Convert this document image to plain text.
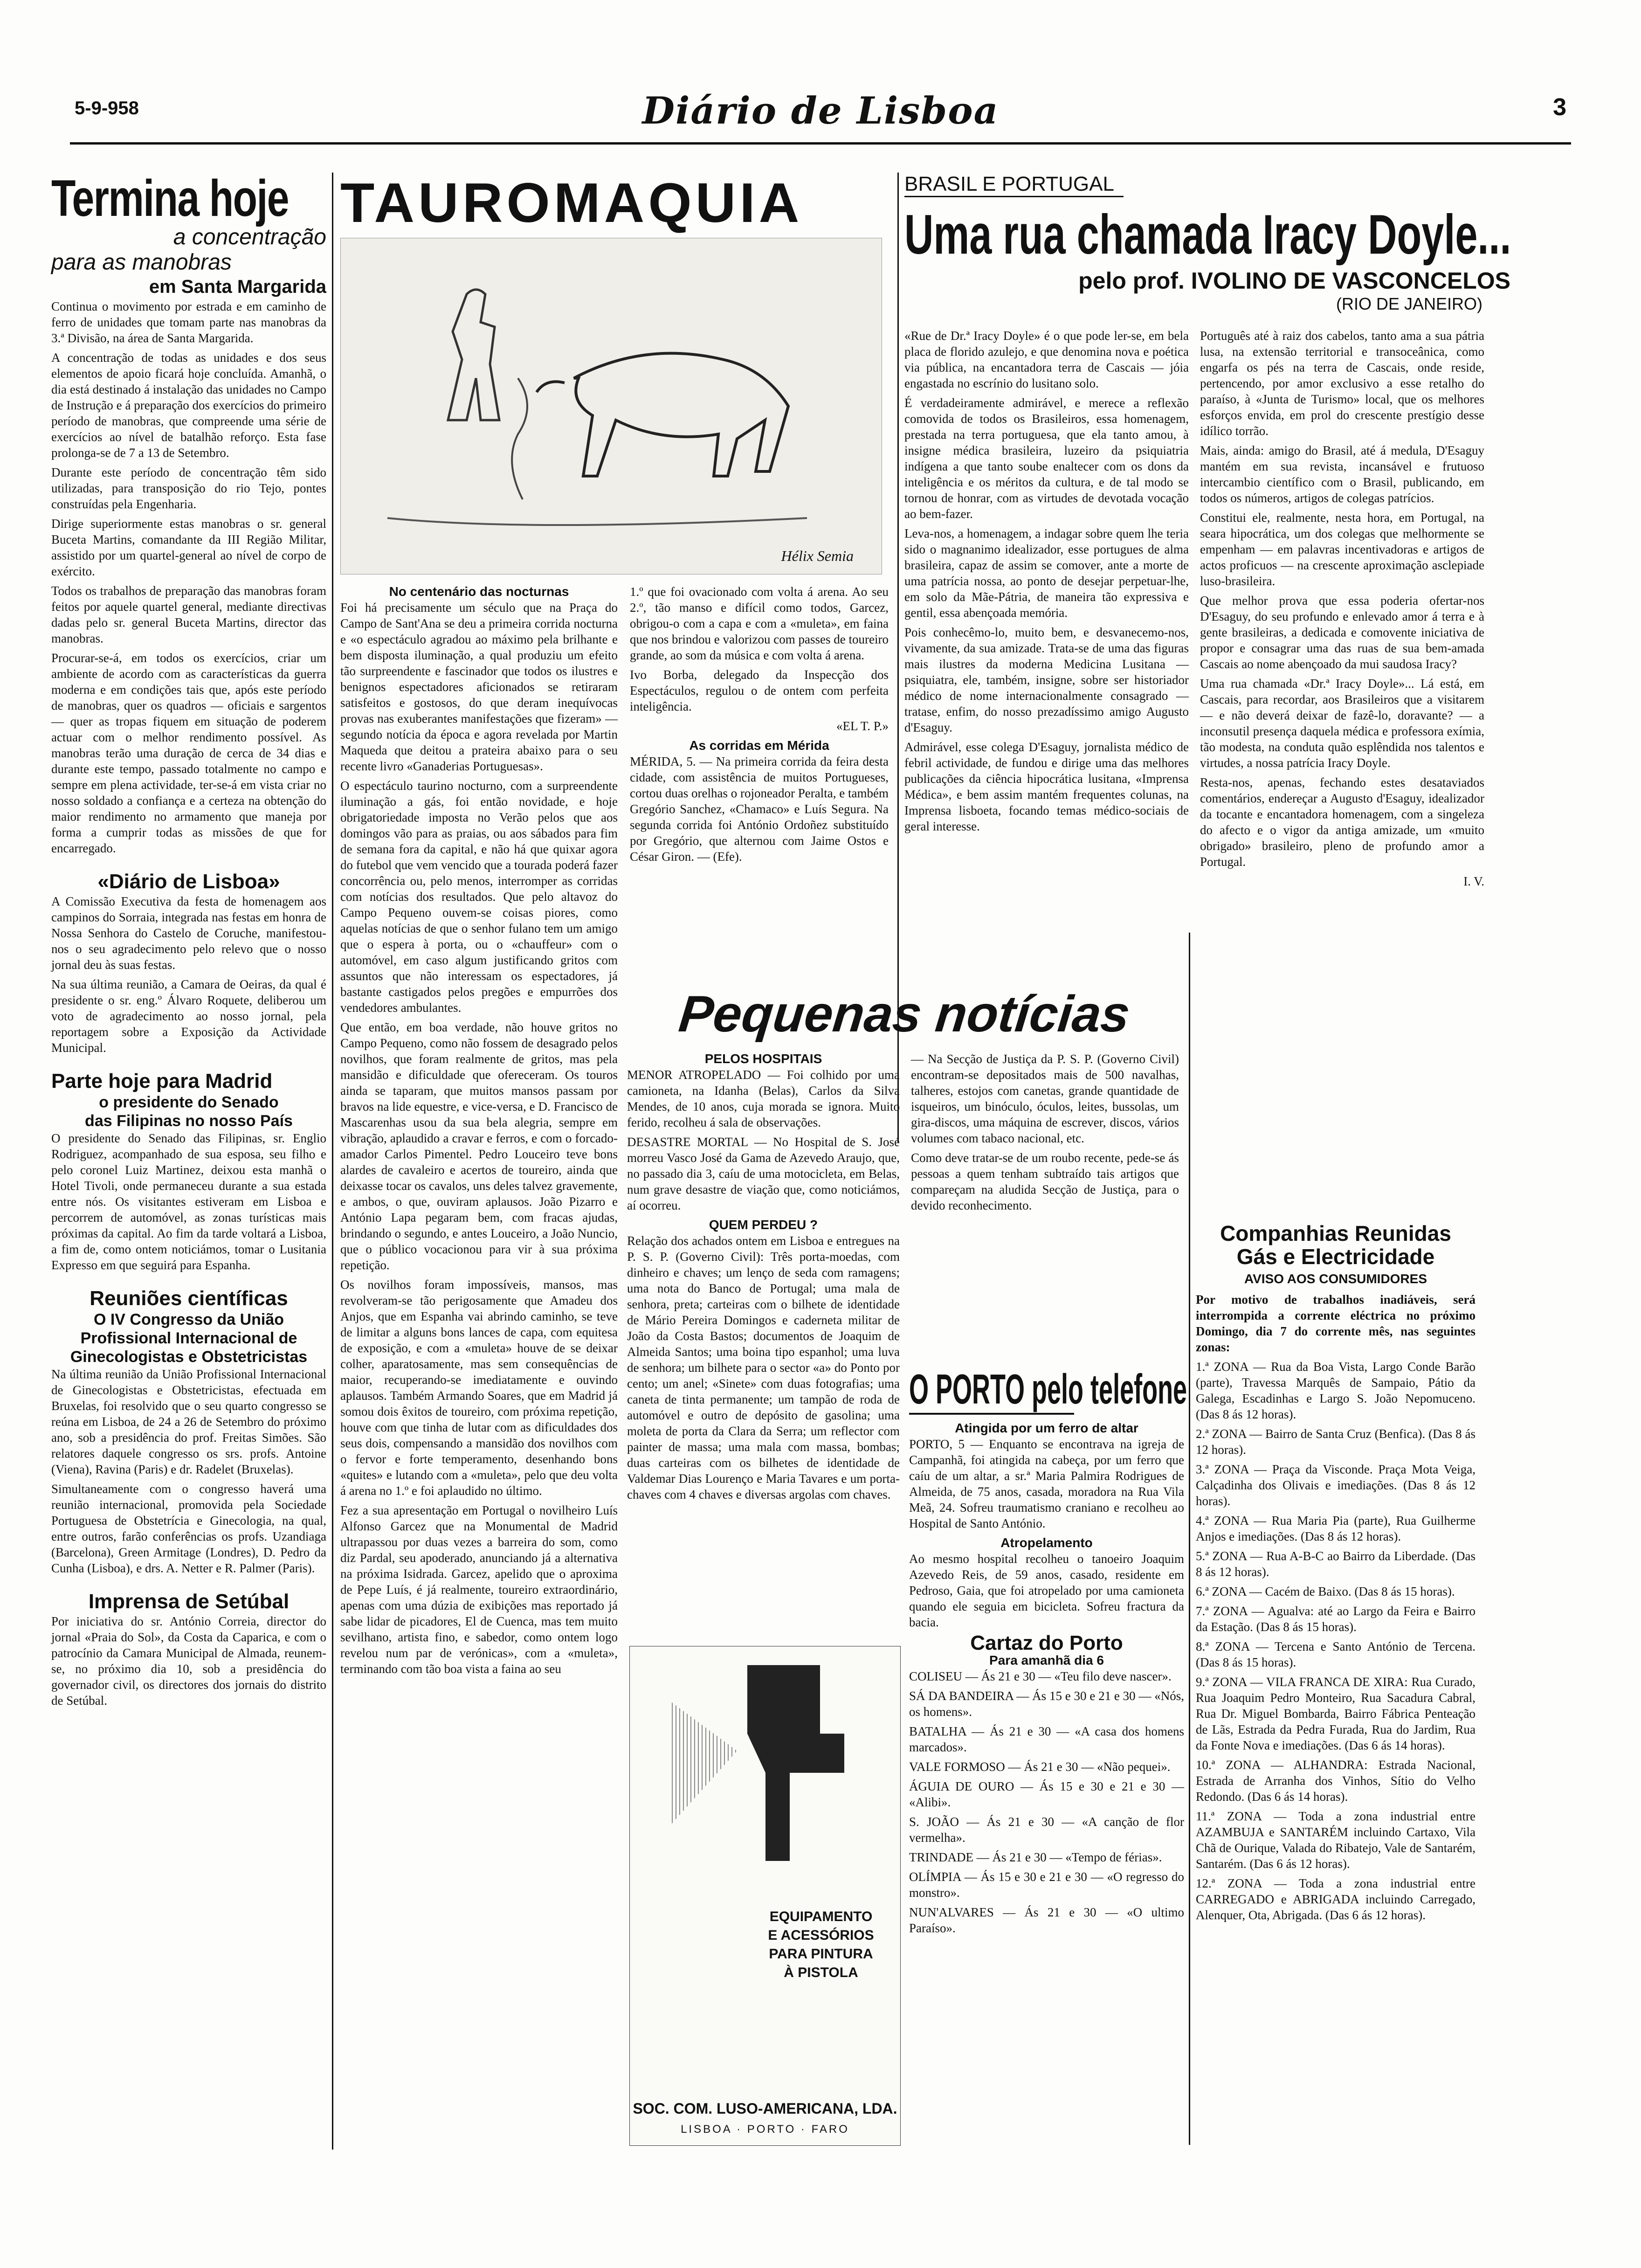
5-9-958	Diário de Lisboa	3
Termina hoje
a concentração
para as manobras
em Santa Margarida

Continua o movimento por estrada e em caminho de ferro de unidades que tomam parte nas manobras da 3.ª Divisão, na área de Santa Margarida.

A concentração de todas as unidades e dos seus elementos de apoio ficará hoje concluída. Amanhã, o dia está destinado á instalação das unidades no Campo de Instrução e á preparação dos exercícios do primeiro período de manobras, que compreende uma série de exercícios ao nível de batalhão reforço. Esta fase prolonga-se de 7 a 13 de Setembro.

Durante este período de concentração têm sido utilizadas, para transposição do rio Tejo, pontes construídas pela Engenharia.

Dirige superiormente estas manobras o sr. general Buceta Martins, comandante da III Região Militar, assistido por um quartel-general ao nível de corpo de exército.

Todos os trabalhos de preparação das manobras foram feitos por aquele quartel general, mediante directivas dadas pelo sr. general Buceta Martins, director das manobras.

Procurar-se-á, em todos os exercícios, criar um ambiente de acordo com as características da guerra moderna e em condições tais que, após este período de manobras, quer os quadros — oficiais e sargentos — quer as tropas fiquem em situação de poderem actuar com o melhor rendimento possível. As manobras terão uma duração de cerca de 34 dias e durante este tempo, passado totalmente no campo e sempre em plena actividade, ter-se-á em vista criar no nosso soldado a confiança e a certeza na obtenção do maior rendimento no armamento que maneja por forma a cumprir todas as missões de que for encarregado.

«Diário de Lisboa»

A Comissão Executiva da festa de homenagem aos campinos do Sorraia, integrada nas festas em honra de Nossa Senhora do Castelo de Coruche, manifestou-nos o seu agradecimento pelo relevo que o nosso jornal deu às suas festas.

Na sua última reunião, a Camara de Oeiras, da qual é presidente o sr. eng.º Álvaro Roquete, deliberou um voto de agradecimento ao nosso jornal, pela reportagem sobre a Exposição da Actividade Municipal.

Parte hoje para Madrid
o presidente do Senado
das Filipinas no nosso País

O presidente do Senado das Filipinas, sr. Englio Rodriguez, acompanhado de sua esposa, seu filho e pelo coronel Luiz Martinez, deixou esta manhã o Hotel Tivoli, onde permaneceu durante a sua estada entre nós. Os visitantes estiveram em Lisboa e percorrem de automóvel, as zonas turísticas mais próximas da capital. Ao fim da tarde voltará a Lisboa, a fim de, como ontem noticiámos, tomar o Lusitania Expresso em que seguirá para Espanha.

Reuniões científicas
O IV Congresso da União Profissional Internacional de Ginecologistas e Obstetricistas

Na última reunião da União Profissional Internacional de Ginecologistas e Obstetricistas, efectuada em Bruxelas, foi resolvido que o seu quarto congresso se reúna em Lisboa, de 24 a 26 de Setembro do próximo ano, sob a presidência do prof. Freitas Simões. São relatores daquele congresso os srs. profs. Antoine (Viena), Ravina (Paris) e dr. Radelet (Bruxelas).

Simultaneamente com o congresso haverá uma reunião internacional, promovida pela Sociedade Portuguesa de Obstetrícia e Ginecologia, na qual, entre outros, farão conferências os profs. Uzandiaga (Barcelona), Green Armitage (Londres), D. Pedro da Cunha (Lisboa), e drs. A. Netter e R. Palmer (Paris).

Imprensa de Setúbal

Por iniciativa do sr. António Correia, director do jornal «Praia do Sol», da Costa da Caparica, e com o patrocínio da Camara Municipal de Almada, reunem-se, no próximo dia 10, sob a presidência do governador civil, os directores dos jornais do distrito de Setúbal.

TAUROMAQUIA
Hélix Semia
No centenário das nocturnas

Foi há precisamente um século que na Praça do Campo de Sant'Ana se deu a primeira corrida nocturna e «o espectáculo agradou ao máximo pela brilhante e bem disposta iluminação, a qual produziu um efeito tão surpreendente e fascinador que todos os ilustres e benignos espectadores aficionados se retiraram satisfeitos e gostosos, do que deram inequívocas provas nas exuberantes manifestações que fizeram» — segundo notícia da época e agora revelada por Martin Maqueda que deitou a prateira abaixo para o seu recente livro «Ganaderias Portuguesas».

O espectáculo taurino nocturno, com a surpreendente iluminação a gás, foi então novidade, e hoje obrigatoriedade imposta no Verão pelos que aos domingos vão para as praias, ou aos sábados para fim de semana fora da capital, e não há que quixar agora do futebol que vem vencido que a tourada poderá fazer concorrência ou, pelo menos, interromper as corridas com notícias dos resultados. Que pelo altavoz do Campo Pequeno ouvem-se coisas piores, como aquelas notícias de que o senhor fulano tem um amigo que o espera à porta, ou o «chauffeur» com o automóvel, em caso algum justificando gritos com assuntos que não interessam os espectadores, já bastante castigados pelos pregões e empurrões dos vendedores ambulantes.

Que então, em boa verdade, não houve gritos no Campo Pequeno, como não fossem de desagrado pelos novilhos, que foram realmente de gritos, mas pela mansidão e dificuldade que ofereceram. Os touros ainda se taparam, que muitos mansos passam por bravos na lide equestre, e vice-versa, e D. Francisco de Mascarenhas usou da sua bela alegria, sempre em vibração, aplaudido a cravar e ferros, e com o forcado-amador Carlos Pimentel. Pedro Louceiro teve bons alardes de cavaleiro e acertos de toureiro, ainda que deixasse tocar os cavalos, uns deles talvez gravemente, e ambos, o que, ouviram aplausos. João Pizarro e António Lapa pegaram bem, com fracas ajudas, brindando o segundo, e antes Louceiro, a João Nuncio, que o público vocacionou para vir à sua próxima repetição.

Os novilhos foram impossíveis, mansos, mas revolveram-se tão perigosamente que Amadeu dos Anjos, que em Espanha vai abrindo caminho, se teve de limitar a alguns bons lances de capa, com equitesa de exposição, e com a «muleta» houve de se deixar colher, aparatosamente, mas sem consequências de maior, recuperando-se imediatamente e ouvindo aplausos. Também Armando Soares, que em Madrid já somou dois êxitos de toureiro, com próxima repetição, houve com que tinha de lutar com as dificuldades dos seus dois, compensando a mansidão dos novilhos com o fervor e forte temperamento, desenhando bons «quites» e lutando com a «muleta», pelo que deu volta á arena no 1.º e foi aplaudido no último.

Fez a sua apresentação em Portugal o novilheiro Luís Alfonso Garcez que na Monumental de Madrid ultrapassou por duas vezes a barreira do som, como diz Pardal, seu apoderado, anunciando já a alternativa na próxima Isidrada. Garcez, apelido que o aproxima de Pepe Luís, é já realmente, toureiro extraordinário, apenas com uma dúzia de exibições mas reportado já sabe lidar de picadores, El de Cuenca, mas tem muito sevilhano, artista fino, e sabedor, como ontem logo revelou num par de verónicas», com a «muleta», terminando com tão boa vista a faina ao seu

1.º que foi ovacionado com volta á arena. Ao seu 2.º, tão manso e difícil como todos, Garcez, obrigou-o com a capa e com a «muleta», em faina que nos brindou e valorizou com passes de toureiro grande, ao som da música e com volta á arena.

Ivo Borba, delegado da Inspecção dos Espectáculos, regulou o de ontem com perfeita inteligência.

«EL T. P.»
As corridas em Mérida

MÉRIDA, 5. — Na primeira corrida da feira desta cidade, com assistência de muitos Portugueses, cortou duas orelhas o rojoneador Peralta, e também Gregório Sanchez, «Chamaco» e Luís Segura. Na segunda corrida foi António Ordoñez substituído por Gregório, que alternou com Jaime Ostos e César Giron. — (Efe).

BRASIL E PORTUGAL
Uma rua chamada Iracy Doyle...
pelo prof. IVOLINO DE VASCONCELOS
(RIO DE JANEIRO)

«Rue de Dr.ª Iracy Doyle» é o que pode ler-se, em bela placa de florido azulejo, e que denomina nova e poética via pública, na encantadora terra de Cascais — jóia engastada no escrínio do lusitano solo.

É verdadeiramente admirável, e merece a reflexão comovida de todos os Brasileiros, essa homenagem, prestada na terra portuguesa, que ela tanto amou, à insigne médica brasileira, luzeiro da psiquiatria indígena a que tanto soube enaltecer com os dons da inteligência e os méritos da cultura, e de tal modo se tornou de honrar, com as virtudes de devotada vocação ao bem-fazer.

Leva-nos, a homenagem, a indagar sobre quem lhe teria sido o magnanimo idealizador, esse portugues de alma brasileira, capaz de assim se comover, ante a morte de uma patrícia nossa, ao ponto de desejar perpetuar-lhe, em solo da Mãe-Pátria, de maneira tão expressiva e gentil, essa abençoada memória.

Pois conhecêmo-lo, muito bem, e desvanecemo-nos, vivamente, da sua amizade. Trata-se de uma das figuras mais ilustres da moderna Medicina Lusitana — psiquiatra, ele, também, insigne, sobre ser historiador médico de nome internacionalmente consagrado — tratase, enfim, do nosso prezadíssimo amigo Augusto d'Esaguy.

Admirável, esse colega D'Esaguy, jornalista médico de febril actividade, de fundou e dirige uma das melhores publicações da ciência hipocrática lusitana, «Imprensa Médica», e bem assim mantém frequentes colunas, na Imprensa lisboeta, focando temas médico-sociais de geral interesse.

Português até à raiz dos cabelos, tanto ama a sua pátria lusa, na extensão territorial e transoceânica, como engarfa os pés na terra de Cascais, onde reside, pertencendo, por amor exclusivo a esse retalho do paraíso, à «Junta de Turismo» local, que os melhores esforços envida, em prol do crescente prestígio desse idílico torrão.

Mais, ainda: amigo do Brasil, até á medula, D'Esaguy mantém em sua revista, incansável e frutuoso intercambio científico com o Brasil, publicando, em todos os números, artigos de colegas patrícios.

Constitui ele, realmente, nesta hora, em Portugal, na seara hipocrática, um dos colegas que melhormente se empenham — em palavras incentivadoras e artigos de actos proficuos — na crescente aproximação asclepiade luso-brasileira.

Que melhor prova que essa poderia ofertar-nos D'Esaguy, do seu profundo e enlevado amor á terra e à gente brasileiras, a dedicada e comovente iniciativa de propor e consagrar uma das ruas de sua bem-amada Cascais ao nome abençoado da mui saudosa Iracy?

Uma rua chamada «Dr.ª Iracy Doyle»... Lá está, em Cascais, para recordar, aos Brasileiros que a visitarem — e não deverá deixar de fazê-lo, doravante? — a inconsutil presença daquela médica e professora exímia, tão modesta, na conduta quão esplêndida nos talentos e virtudes, a nossa patrícia Iracy Doyle.

Resta-nos, apenas, fechando estes desataviados comentários, endereçar a Augusto d'Esaguy, idealizador da tocante e encantadora homenagem, com a singeleza do afecto e o vigor da antiga amizade, um «muito obrigado» brasileiro, pleno de profundo amor a Portugal.

I. V.
Pequenas notícias
PELOS HOSPITAIS

MENOR ATROPELADO — Foi colhido por uma camioneta, na Idanha (Belas), Carlos da Silva Mendes, de 10 anos, cuja morada se ignora. Muito ferido, recolheu á sala de observações.

DESASTRE MORTAL — No Hospital de S. José morreu Vasco José da Gama de Azevedo Araujo, que, no passado dia 3, caíu de uma motocicleta, em Belas, num grave desastre de viação que, como noticiámos, aí ocorreu.

QUEM PERDEU ?

Relação dos achados ontem em Lisboa e entregues na P. S. P. (Governo Civil): Três porta-moedas, com dinheiro e chaves; um lenço de seda com ramagens; uma nota do Banco de Portugal; uma mala de senhora, preta; carteiras com o bilhete de identidade de Mário Pereira Domingos e caderneta militar de João da Costa Bastos; documentos de Joaquim de Almeida Santos; uma boina tipo espanhol; uma luva de senhora; um bilhete para o sector «a» do Ponto por cento; um anel; «Sinete» com duas fotografias; uma caneta de tinta permanente; um tampão de roda de automóvel e outro de depósito de gasolina; uma moleta de porta da Clara da Serra; um reflector com painter de massa; uma mala com massa, bombas; duas carteiras com os bilhetes de identidade de Valdemar Dias Lourenço e Maria Tavares e um porta-chaves com 4 chaves e diversas argolas com chaves.

— Na Secção de Justiça da P. S. P. (Governo Civil) encontram-se depositados mais de 500 navalhas, talheres, estojos com canetas, grande quantidade de isqueiros, um binóculo, óculos, leites, bussolas, um gira-discos, uma máquina de escrever, discos, vários volumes com tabaco nacional, etc.

Como deve tratar-se de um roubo recente, pede-se ás pessoas a quem tenham subtraído tais artigos que compareçam na aludida Secção de Justiça, para o devido reconhecimento.

EQUIPAMENTO
E ACESSÓRIOS
PARA PINTURA
À PISTOLA
SOC. COM. LUSO-AMERICANA, LDA.
LISBOA · PORTO · FARO
O PORTO pelo telefone
Atingida por um ferro de altar

PORTO, 5 — Enquanto se encontrava na igreja de Campanhã, foi atingida na cabeça, por um ferro que caíu de um altar, a sr.ª Maria Palmira Rodrigues de Almeida, de 75 anos, casada, moradora na Rua Vila Meã, 24. Sofreu traumatismo craniano e recolheu ao Hospital de Santo António.

Atropelamento

Ao mesmo hospital recolheu o tanoeiro Joaquim Azevedo Reis, de 59 anos, casado, residente em Pedroso, Gaia, que foi atropelado por uma camioneta quando ele seguia em bicicleta. Sofreu fractura da bacia.

Cartaz do Porto
Para amanhã dia 6

COLISEU — Ás 21 e 30 — «Teu filo deve nascer».

SÁ DA BANDEIRA — Ás 15 e 30 e 21 e 30 — «Nós, os homens».

BATALHA — Ás 21 e 30 — «A casa dos homens marcados».

VALE FORMOSO — Ás 21 e 30 — «Não pequei».

ÁGUIA DE OURO — Ás 15 e 30 e 21 e 30 — «Alibi».

S. JOÃO — Ás 21 e 30 — «A canção de flor vermelha».

TRINDADE — Ás 21 e 30 — «Tempo de férias».

OLÍMPIA — Ás 15 e 30 e 21 e 30 — «O regresso do monstro».

NUN'ALVARES — Ás 21 e 30 — «O ultimo Paraíso».

Companhias Reunidas
Gás e Electricidade
AVISO AOS CONSUMIDORES

Por motivo de trabalhos inadiáveis, será interrompida a corrente eléctrica no próximo Domingo, dia 7 do corrente mês, nas seguintes zonas:

1.ª ZONA — Rua da Boa Vista, Largo Conde Barão (parte), Travessa Marquês de Sampaio, Pátio da Galega, Escadinhas e Largo S. João Nepomuceno. (Das 8 ás 12 horas).

2.ª ZONA — Bairro de Santa Cruz (Benfica). (Das 8 ás 12 horas).

3.ª ZONA — Praça da Visconde. Praça Mota Veiga, Calçadinha dos Olivais e imediações. (Das 8 ás 12 horas).

4.ª ZONA — Rua Maria Pia (parte), Rua Guilherme Anjos e imediações. (Das 8 ás 12 horas).

5.ª ZONA — Rua A-B-C ao Bairro da Liberdade. (Das 8 ás 12 horas).

6.ª ZONA — Cacém de Baixo. (Das 8 ás 15 horas).

7.ª ZONA — Agualva: até ao Largo da Feira e Bairro da Estação. (Das 8 ás 15 horas).

8.ª ZONA — Tercena e Santo António de Tercena. (Das 8 ás 15 horas).

9.ª ZONA — VILA FRANCA DE XIRA: Rua Curado, Rua Joaquim Pedro Monteiro, Rua Sacadura Cabral, Rua Dr. Miguel Bombarda, Bairro Fábrica Penteação de Lãs, Estrada da Pedra Furada, Rua do Jardim, Rua da Fonte Nova e imediações. (Das 6 ás 14 horas).

10.ª ZONA — ALHANDRA: Estrada Nacional, Estrada de Arranha dos Vinhos, Sítio do Velho Redondo. (Das 6 ás 14 horas).

11.ª ZONA — Toda a zona industrial entre AZAMBUJA e SANTARÉM incluindo Cartaxo, Vila Chã de Ourique, Valada do Ribatejo, Vale de Santarém, Santarém. (Das 6 ás 12 horas).

12.ª ZONA — Toda a zona industrial entre CARREGADO e ABRIGADA incluindo Carregado, Alenquer, Ota, Abrigada. (Das 6 ás 12 horas).
